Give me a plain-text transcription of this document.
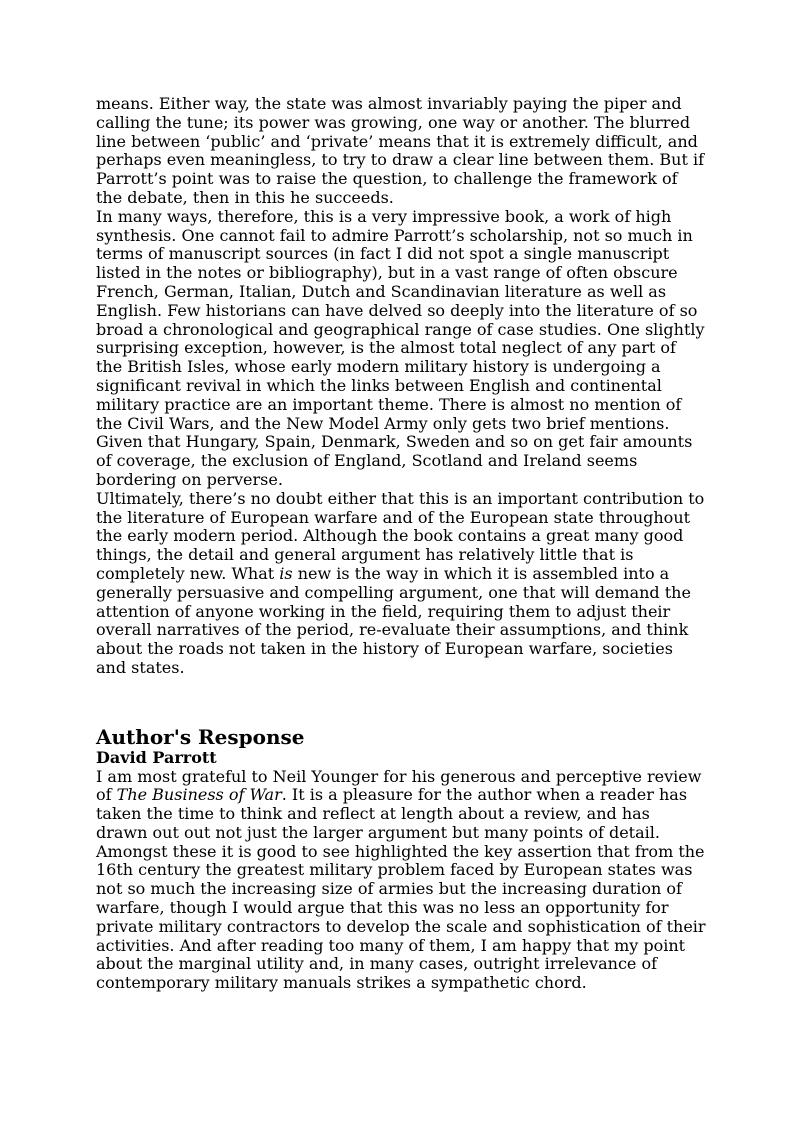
means. Either way, the state was almost invariably paying the piper and calling the tune; its power was growing, one way or another. The blurred line between ‘public’ and ‘private’ means that it is extremely difficult, and perhaps even meaningless, to try to draw a clear line between them. But if Parrott’s point was to raise the question, to challenge the framework of the debate, then in this he succeeds.

In many ways, therefore, this is a very impressive book, a work of high synthesis. One cannot fail to admire Parrott’s scholarship, not so much in terms of manuscript sources (in fact I did not spot a single manuscript listed in the notes or bibliography), but in a vast range of often obscure French, German, Italian, Dutch and Scandinavian literature as well as English. Few historians can have delved so deeply into the literature of so broad a chronological and geographical range of case studies. One slightly surprising exception, however, is the almost total neglect of any part of the British Isles, whose early modern military history is undergoing a significant revival in which the links between English and continental military practice are an important theme. There is almost no mention of the Civil Wars, and the New Model Army only gets two brief mentions. Given that Hungary, Spain, Denmark, Sweden and so on get fair amounts of coverage, the exclusion of England, Scotland and Ireland seems bordering on perverse.

Ultimately, there’s no doubt either that this is an important contribution to the literature of European warfare and of the European state throughout the early modern period. Although the book contains a great many good things, the detail and general argument has relatively little that is completely new. What is new is the way in which it is assembled into a generally persuasive and compelling argument, one that will demand the attention of anyone working in the field, requiring them to adjust their overall narratives of the period, re-evaluate their assumptions, and think about the roads not taken in the history of European warfare, societies and states.

Author's Response

David Parrott

I am most grateful to Neil Younger for his generous and perceptive review of The Business of War. It is a pleasure for the author when a reader has taken the time to think and reflect at length about a review, and has drawn out out not just the larger argument but many points of detail. Amongst these it is good to see highlighted the key assertion that from the 16th century the greatest military problem faced by European states was not so much the increasing size of armies but the increasing duration of warfare, though I would argue that this was no less an opportunity for private military contractors to develop the scale and sophistication of their activities. And after reading too many of them, I am happy that my point about the marginal utility and, in many cases, outright irrelevance of contemporary military manuals strikes a sympathetic chord.
